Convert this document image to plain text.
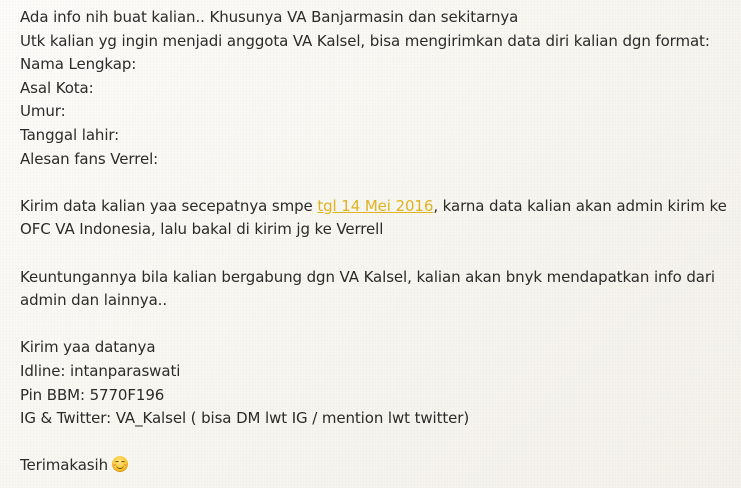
Ada info nih buat kalian.. Khusunya VA Banjarmasin dan sekitarnya
Utk kalian yg ingin menjadi anggota VA Kalsel, bisa mengirimkan data diri kalian dgn format:
Nama Lengkap:
Asal Kota:
Umur:
Tanggal lahir:
Alesan fans Verrel:
Kirim data kalian yaa secepatnya smpe tgl 14 Mei 2016, karna data kalian akan admin kirim ke
OFC VA Indonesia, lalu bakal di kirim jg ke Verrell
Keuntungannya bila kalian bergabung dgn VA Kalsel, kalian akan bnyk mendapatkan info dari
admin dan lainnya..
Kirim yaa datanya
Idline: intanparaswati
Pin BBM: 5770F196
IG & Twitter: VA_Kalsel ( bisa DM lwt IG / mention lwt twitter)
Terimakasih
